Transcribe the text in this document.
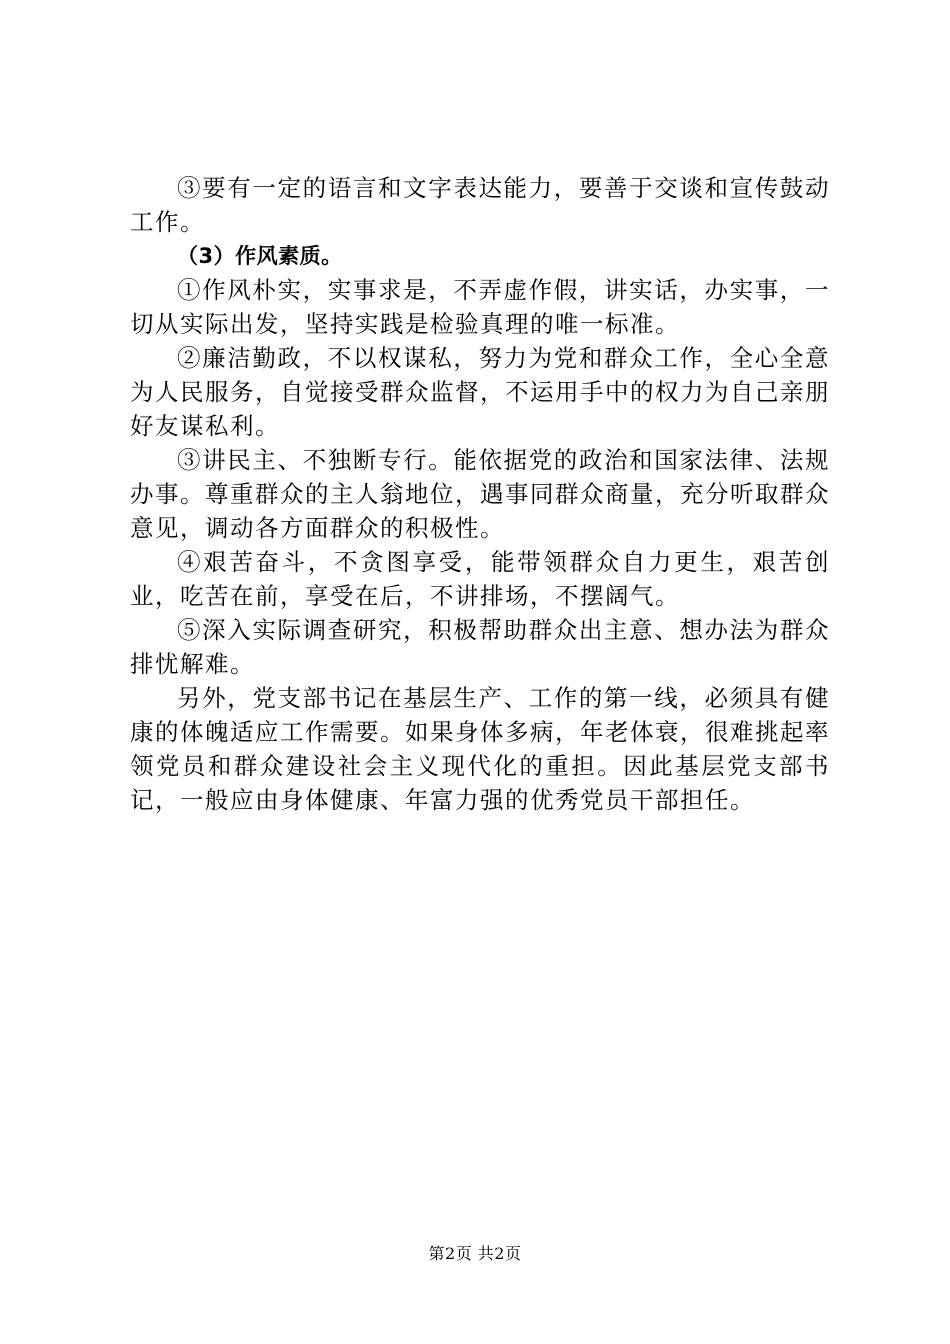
③要有一定的语言和文字表达能力，要善于交谈和宣传鼓动工作。

（3）作风素质。

①作风朴实，实事求是，不弄虚作假，讲实话，办实事，一切从实际出发，坚持实践是检验真理的唯一标准。

②廉洁勤政，不以权谋私，努力为党和群众工作，全心全意为人民服务，自觉接受群众监督，不运用手中的权力为自己亲朋好友谋私利。

③讲民主、不独断专行。能依据党的政治和国家法律、法规办事。尊重群众的主人翁地位，遇事同群众商量，充分听取群众意见，调动各方面群众的积极性。

④艰苦奋斗，不贪图享受，能带领群众自力更生，艰苦创业，吃苦在前，享受在后，不讲排场，不摆阔气。

⑤深入实际调查研究，积极帮助群众出主意、想办法为群众排忧解难。

另外，党支部书记在基层生产、工作的第一线，必须具有健康的体魄适应工作需要。如果身体多病，年老体衰，很难挑起率领党员和群众建设社会主义现代化的重担。因此基层党支部书记，一般应由身体健康、年富力强的优秀党员干部担任。

第2页 共2页
